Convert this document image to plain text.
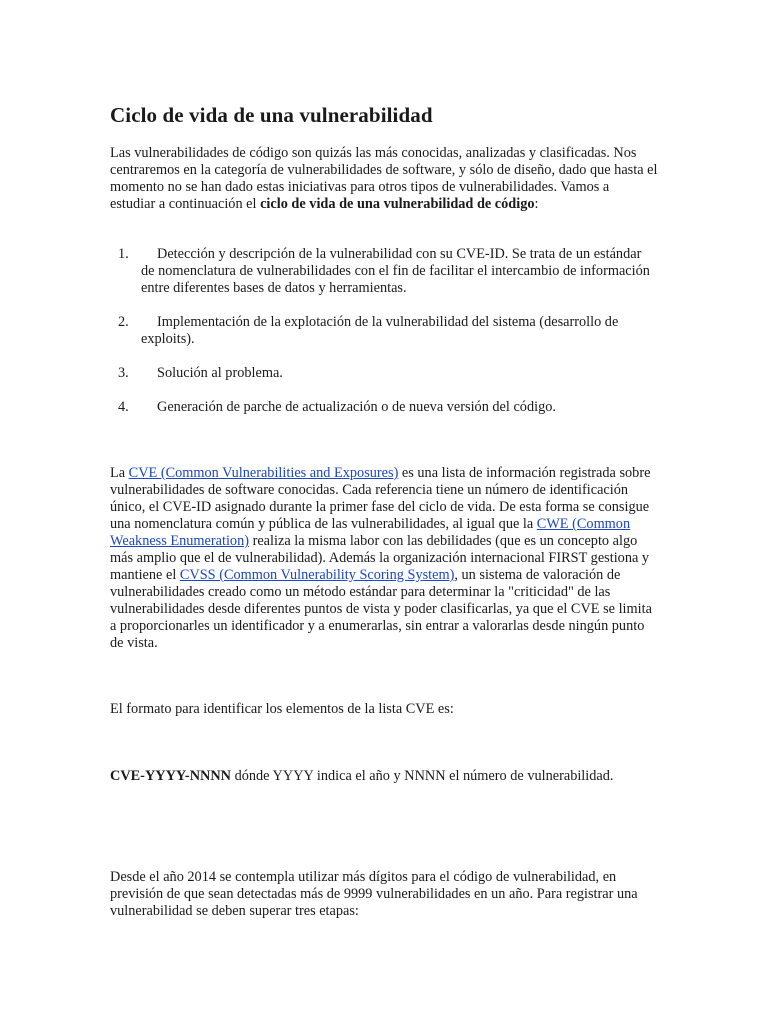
Ciclo de vida de una vulnerabilidad

Las vulnerabilidades de código son quizás las más conocidas, analizadas y clasificadas. Nos centraremos en la categoría de vulnerabilidades de software, y sólo de diseño, dado que hasta el momento no se han dado estas iniciativas para otros tipos de vulnerabilidades. Vamos a estudiar a continuación el ciclo de vida de una vulnerabilidad de código:

1.	Detección y descripción de la vulnerabilidad con su CVE-ID. Se trata de un estándar de nomenclatura de vulnerabilidades con el fin de facilitar el intercambio de información entre diferentes bases de datos y herramientas.
2.	Implementación de la explotación de la vulnerabilidad del sistema (desarrollo de exploits).
3.	Solución al problema.
4.	Generación de parche de actualización o de nueva versión del código.

La CVE (Common Vulnerabilities and Exposures) es una lista de información registrada sobre vulnerabilidades de software conocidas. Cada referencia tiene un número de identificación único, el CVE-ID asignado durante la primer fase del ciclo de vida. De esta forma se consigue una nomenclatura común y pública de las vulnerabilidades, al igual que la CWE (Common Weakness Enumeration) realiza la misma labor con las debilidades (que es un concepto algo más amplio que el de vulnerabilidad). Además la organización internacional FIRST gestiona y mantiene el CVSS (Common Vulnerability Scoring System), un sistema de valoración de vulnerabilidades creado como un método estándar para determinar la "criticidad" de las vulnerabilidades desde diferentes puntos de vista y poder clasificarlas, ya que el CVE se limita a proporcionarles un identificador y a enumerarlas, sin entrar a valorarlas desde ningún punto de vista.

El formato para identificar los elementos de la lista CVE es:

CVE-YYYY-NNNN dónde YYYY indica el año y NNNN el número de vulnerabilidad.

Desde el año 2014 se contempla utilizar más dígitos para el código de vulnerabilidad, en previsión de que sean detectadas más de 9999 vulnerabilidades en un año. Para registrar una vulnerabilidad se deben superar tres etapas:
